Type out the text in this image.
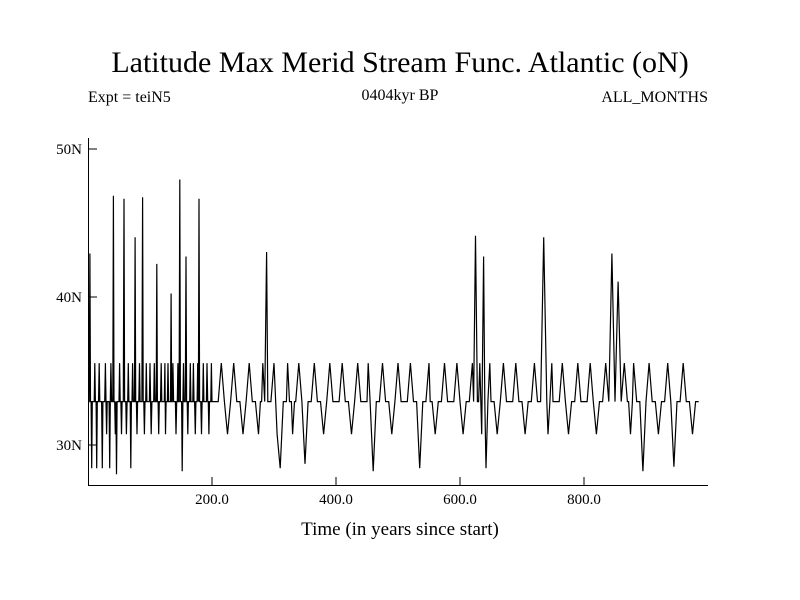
Latitude Max Merid Stream Func. Atlantic (oN)
Expt = teiN5	0404kyr BP	ALL_MONTHS
50N
40N
30N
200.0	400.0	600.0	800.0
Time (in years since start)
